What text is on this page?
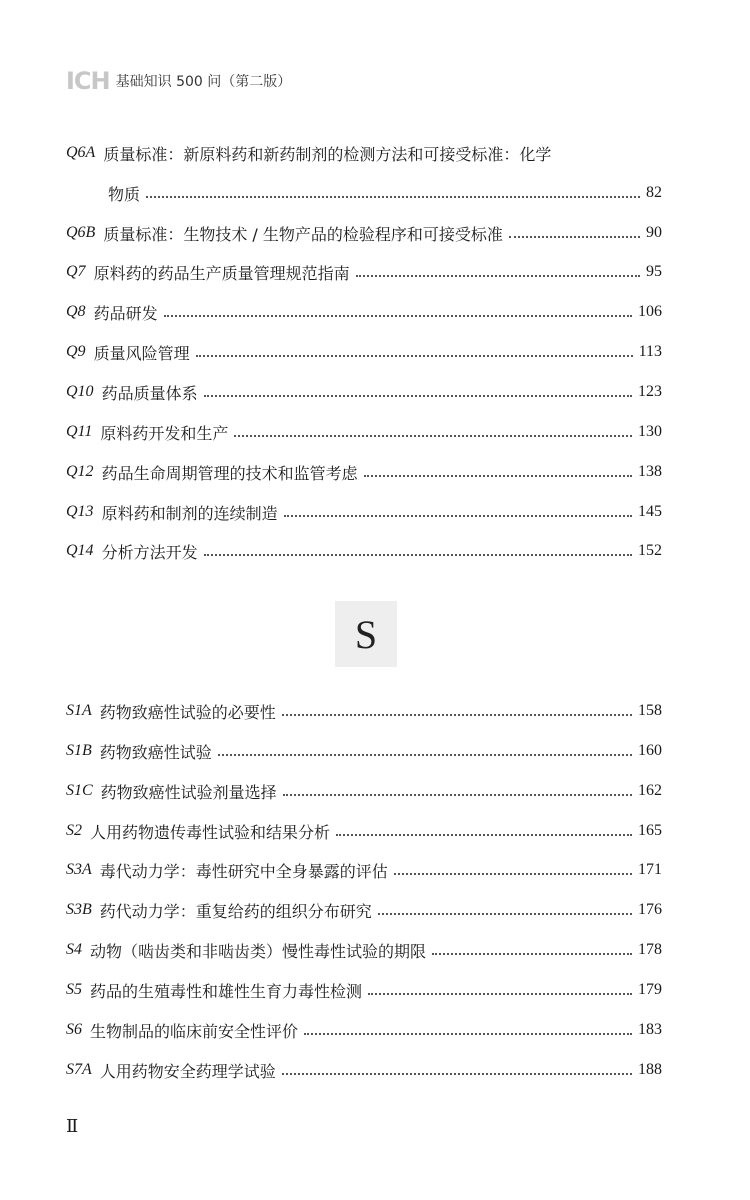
ICH 基础知识 500 问（第二版）
Q6A 质量标准：新原料药和新药制剂的检测方法和可接受标准：化学
物质	82
Q6B 质量标准：生物技术 / 生物产品的检验程序和可接受标准	90
Q7 原料药的药品生产质量管理规范指南	95
Q8 药品研发	106
Q9 质量风险管理	113
Q10 药品质量体系	123
Q11 原料药开发和生产	130
Q12 药品生命周期管理的技术和监管考虑	138
Q13 原料药和制剂的连续制造	145
Q14 分析方法开发	152
S
S1A 药物致癌性试验的必要性	158
S1B 药物致癌性试验	160
S1C 药物致癌性试验剂量选择	162
S2 人用药物遗传毒性试验和结果分析	165
S3A 毒代动力学：毒性研究中全身暴露的评估	171
S3B 药代动力学：重复给药的组织分布研究	176
S4 动物（啮齿类和非啮齿类）慢性毒性试验的期限	178
S5 药品的生殖毒性和雄性生育力毒性检测	179
S6 生物制品的临床前安全性评价	183
S7A 人用药物安全药理学试验	188
Ⅱ
